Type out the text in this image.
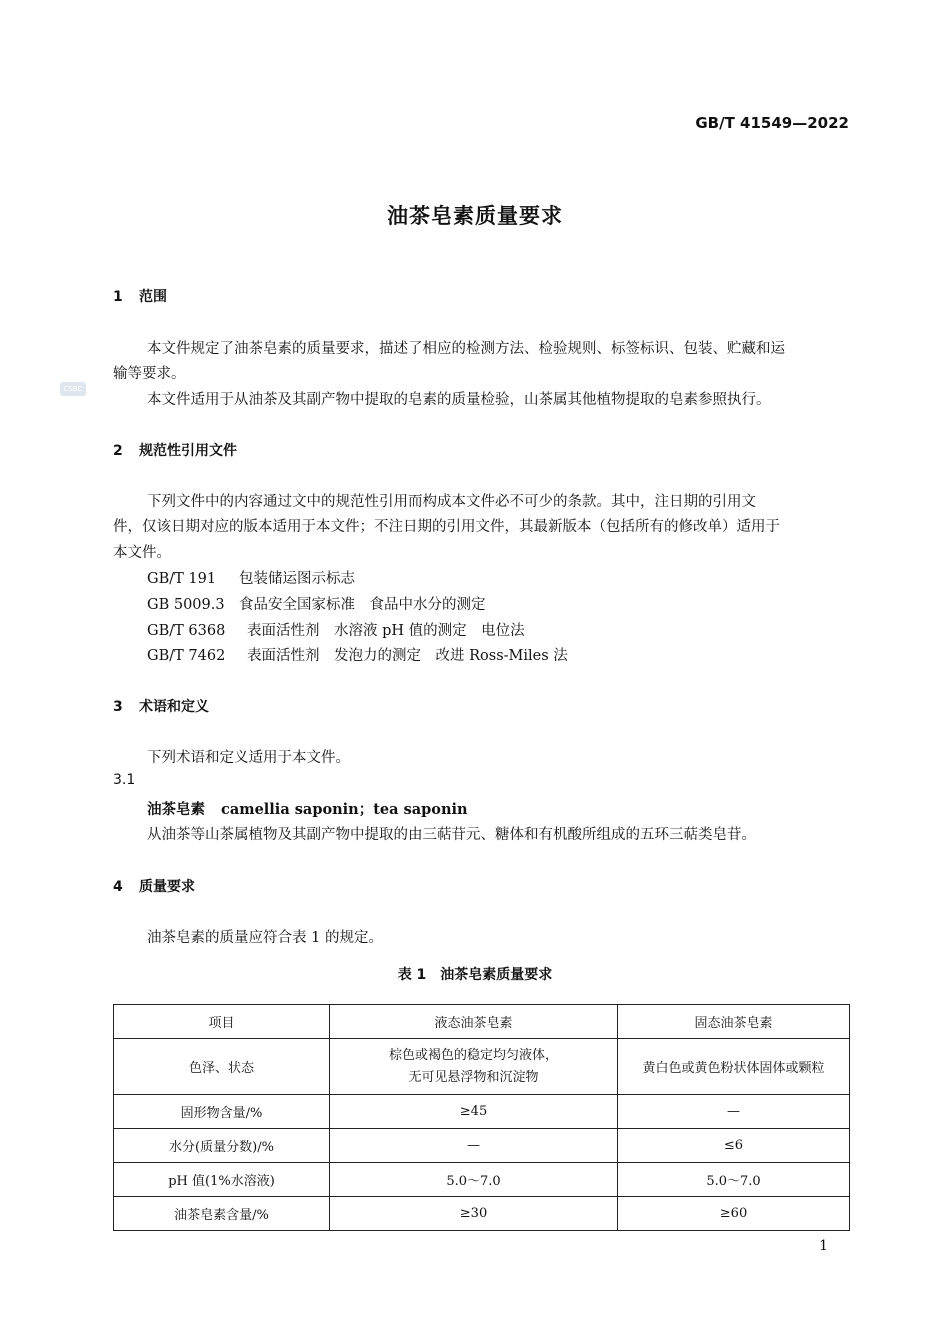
CSBC
GB/T 41549—2022
油茶皂素质量要求
1 范围
本文件规定了油茶皂素的质量要求，描述了相应的检测方法、检验规则、标签标识、包装、贮藏和运
输等要求。
本文件适用于从油茶及其副产物中提取的皂素的质量检验，山茶属其他植物提取的皂素参照执行。
2 规范性引用文件
下列文件中的内容通过文中的规范性引用而构成本文件必不可少的条款。其中，注日期的引用文
件，仅该日期对应的版本适用于本文件；不注日期的引用文件，其最新版本（包括所有的修改单）适用于
本文件。
GB/T 191 包装储运图示标志
GB 5009.3 食品安全国家标准　食品中水分的测定
GB/T 6368 表面活性剂　水溶液 pH 值的测定　电位法
GB/T 7462 表面活性剂　发泡力的测定　改进 Ross-Miles 法
3 术语和定义
下列术语和定义适用于本文件。
3.1
油茶皂素 camellia saponin；tea saponin
从油茶等山茶属植物及其副产物中提取的由三萜苷元、糖体和有机酸所组成的五环三萜类皂苷。
4 质量要求
油茶皂素的质量应符合表 1 的规定。
表 1　油茶皂素质量要求
项目	液态油茶皂素	固态油茶皂素
色泽、状态	棕色或褐色的稳定均匀液体，
无可见悬浮物和沉淀物	黄白色或黄色粉状体固体或颗粒
固形物含量/%	≥45	—
水分(质量分数)/%	—	≤6
pH 值(1%水溶液)	5.0～7.0	5.0～7.0
油茶皂素含量/%	≥30	≥60
1
